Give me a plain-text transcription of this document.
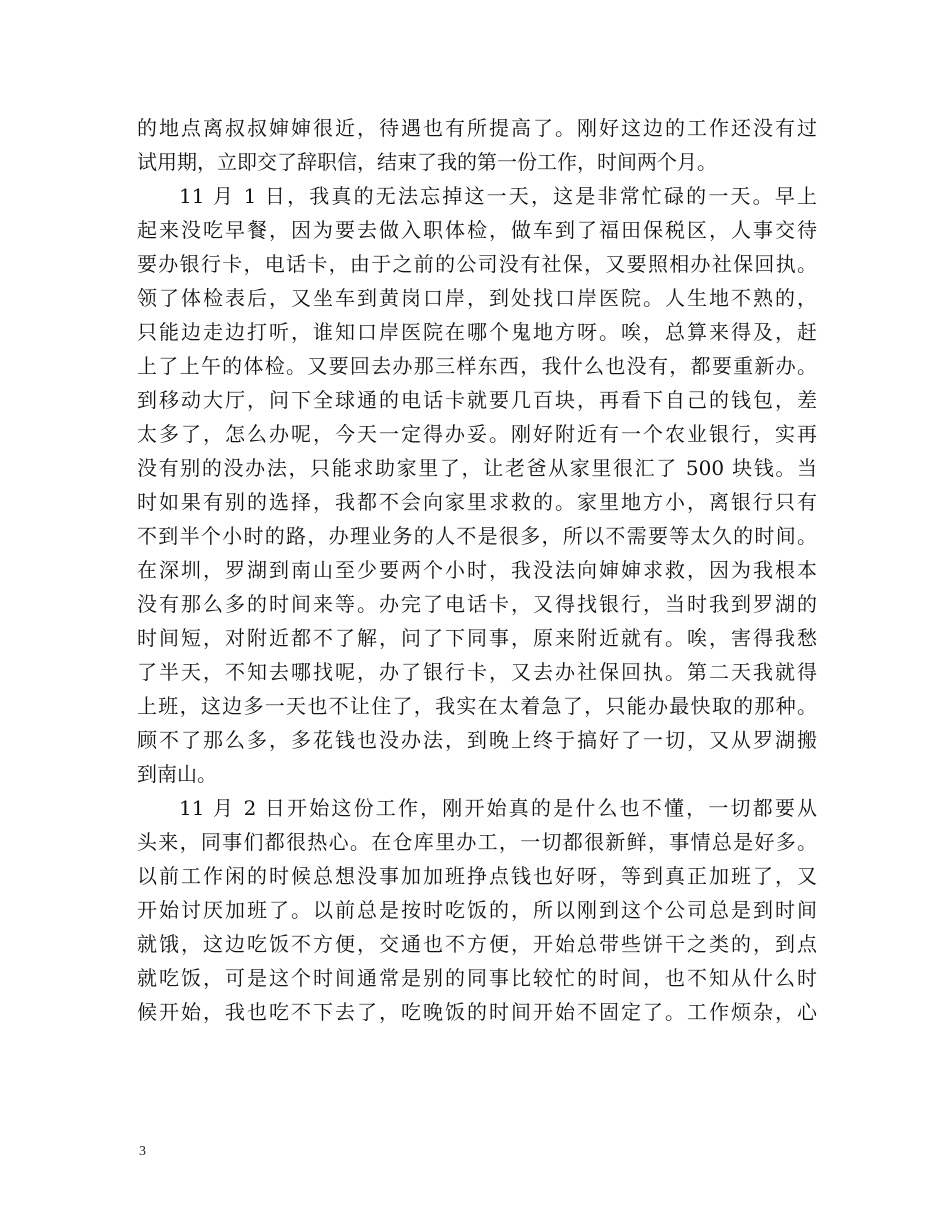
的地点离叔叔婶婶很近，待遇也有所提高了。刚好这边的工作还没有过
试用期，立即交了辞职信，结束了我的第一份工作，时间两个月。
11 月 1 日，我真的无法忘掉这一天，这是非常忙碌的一天。早上
起来没吃早餐，因为要去做入职体检，做车到了福田保税区，人事交待
要办银行卡，电话卡，由于之前的公司没有社保，又要照相办社保回执。
领了体检表后，又坐车到黄岗口岸，到处找口岸医院。人生地不熟的，
只能边走边打听，谁知口岸医院在哪个鬼地方呀。唉，总算来得及，赶
上了上午的体检。又要回去办那三样东西，我什么也没有，都要重新办。
到移动大厅，问下全球通的电话卡就要几百块，再看下自己的钱包，差
太多了，怎么办呢，今天一定得办妥。刚好附近有一个农业银行，实再
没有别的没办法，只能求助家里了，让老爸从家里很汇了 500 块钱。当
时如果有别的选择，我都不会向家里求救的。家里地方小，离银行只有
不到半个小时的路，办理业务的人不是很多，所以不需要等太久的时间。
在深圳，罗湖到南山至少要两个小时，我没法向婶婶求救，因为我根本
没有那么多的时间来等。办完了电话卡，又得找银行，当时我到罗湖的
时间短，对附近都不了解，问了下同事，原来附近就有。唉，害得我愁
了半天，不知去哪找呢，办了银行卡，又去办社保回执。第二天我就得
上班，这边多一天也不让住了，我实在太着急了，只能办最快取的那种。
顾不了那么多，多花钱也没办法，到晚上终于搞好了一切，又从罗湖搬
到南山。
11 月 2 日开始这份工作，刚开始真的是什么也不懂，一切都要从
头来，同事们都很热心。在仓库里办工，一切都很新鲜，事情总是好多。
以前工作闲的时候总想没事加加班挣点钱也好呀，等到真正加班了，又
开始讨厌加班了。以前总是按时吃饭的，所以刚到这个公司总是到时间
就饿，这边吃饭不方便，交通也不方便，开始总带些饼干之类的，到点
就吃饭，可是这个时间通常是别的同事比较忙的时间，也不知从什么时
候开始，我也吃不下去了，吃晚饭的时间开始不固定了。工作烦杂，心
3
